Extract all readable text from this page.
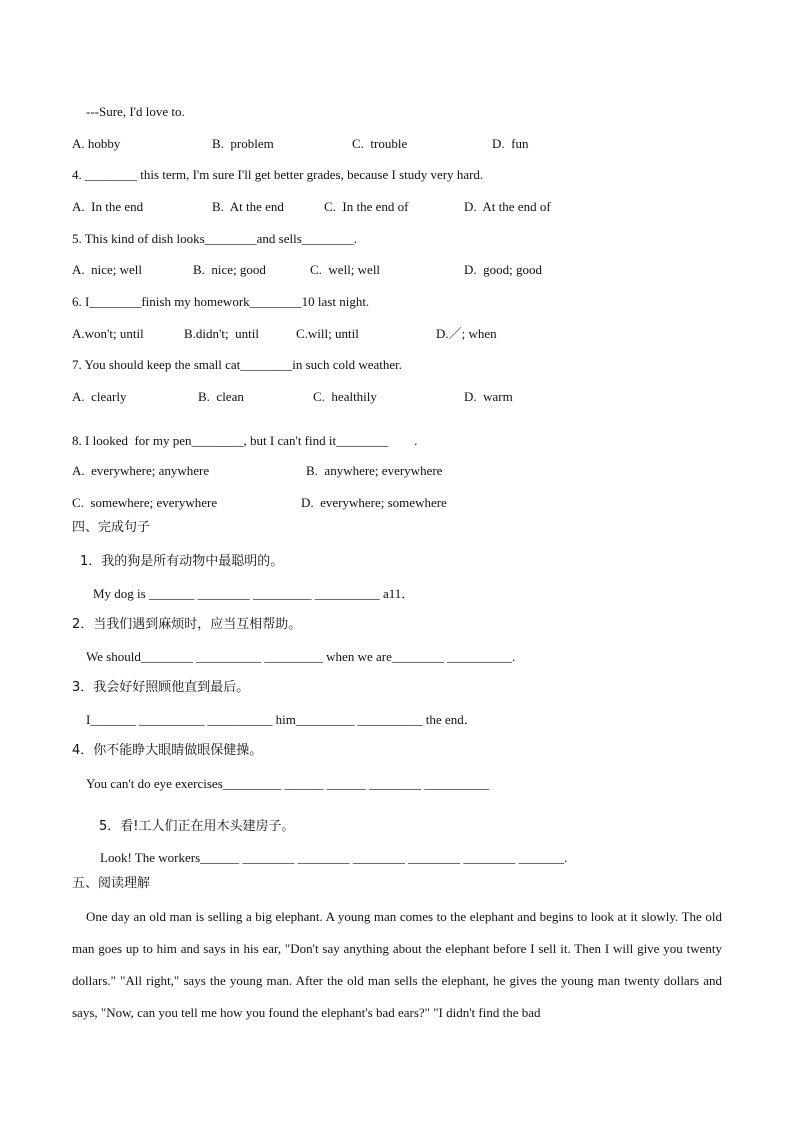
---Sure, I'd love to.
A. hobby	B.  problem	C.  trouble	D.  fun
4. ________ this term, I'm sure I'll get better grades, because I study very hard.
A.  In the end	B.  At the end	C.  In the end of	D.  At the end of
5. This kind of dish looks________and sells________.
A.  nice; well	B.  nice; good	C.  well; well	D.  good; good
6. I________finish my homework________10 last night.
A.won't; until	B.didn't;  until	C.will; until	D.／; when
7. You should keep the small cat________in such cold weather.
A.  clearly	B.  clean	C.  healthily	D.  warm
8. I looked  for my pen________, but I can't find it________        .
A.  everywhere; anywhere	B.  anywhere; everywhere
C.  somewhere; everywhere	D.  everywhere; somewhere
四、完成句子
1．我的狗是所有动物中最聪明的。
My dog is _______ ________ _________ __________ a11．
2．当我们遇到麻烦时，应当互相帮助。
We should________ __________ _________ when we are________ __________.
3．我会好好照顾他直到最后。
I_______ __________ __________ him_________ __________ the end．
4．你不能睁大眼睛做眼保健操。
You can't do eye exercises_________ ______ ______ ________ __________
5．看!工人们正在用木头建房子。
Look! The workers______ ________ ________ ________ ________ ________ _______.
五、阅读理解
One day an old man is selling a big elephant. A young man comes to the elephant and begins to look at it slowly. The old man goes up to him and says in his ear, "Don't say anything about the elephant before I sell it. Then I will give you twenty dollars." "All right," says the young man. After the old man sells the elephant, he gives the young man twenty dollars and says, "Now, can you tell me how you found the elephant's bad ears?" "I didn't find the bad
